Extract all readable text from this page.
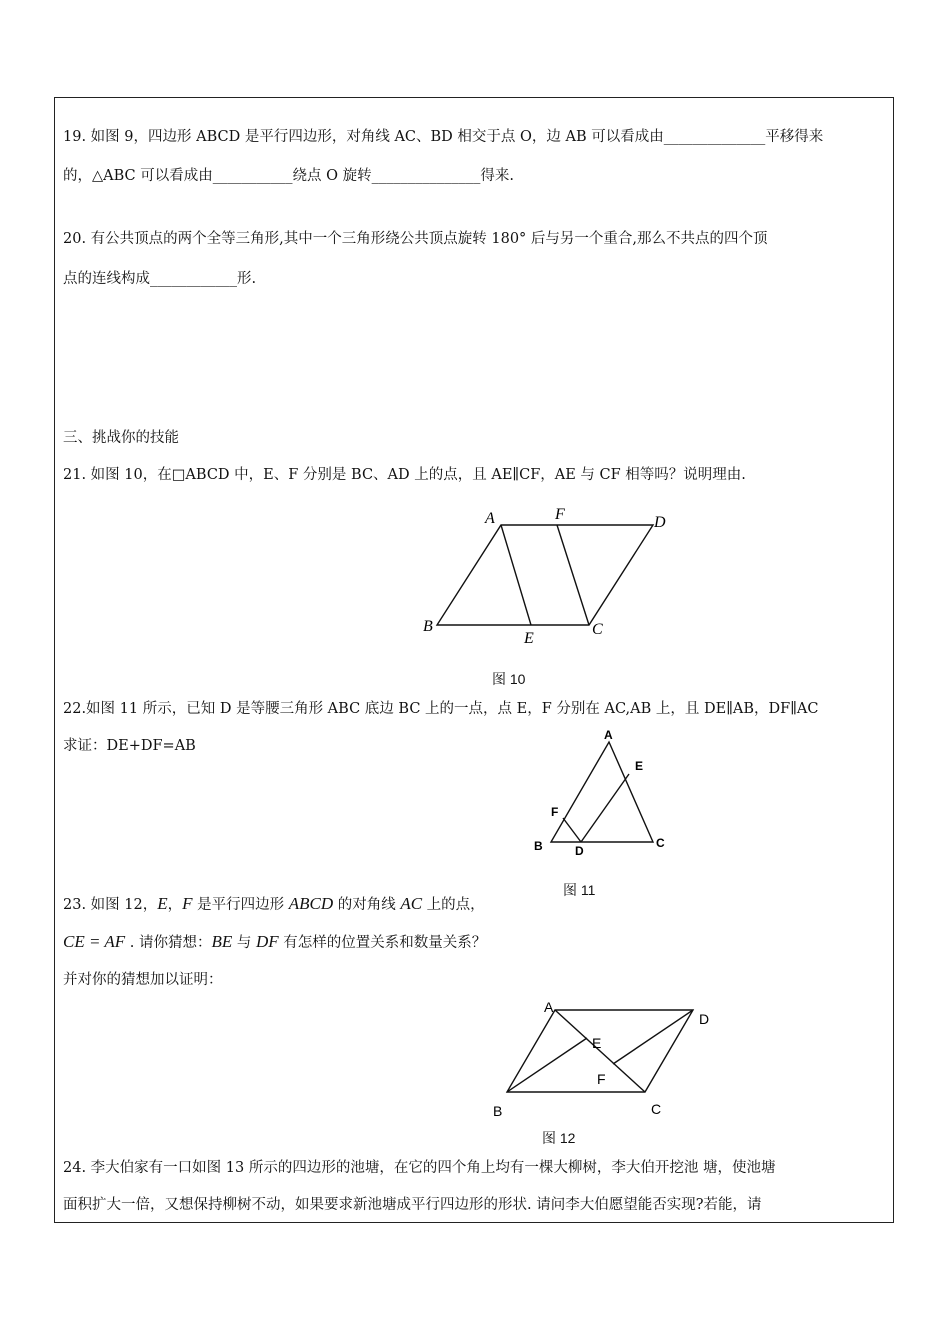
19. 如图 9，四边形 ABCD 是平行四边形，对角线 AC、BD 相交于点 O，边 AB 可以看成由______________平移得来
的，△ABC 可以看成由___________绕点 O 旋转_______________得来.
20. 有公共顶点的两个全等三角形,其中一个三角形绕公共顶点旋转 180° 后与另一个重合,那么不共点的四个顶
点的连线构成____________形.
三、挑战你的技能
21. 如图 10，在□ABCD 中，E、F 分别是 BC、AD 上的点，且 AE∥CF，AE 与 CF 相等吗？说明理由.
A	F	D
B
E
C
图 10
22.如图 11 所示，已知 D 是等腰三角形 ABC 底边 BC 上的一点，点 E，F 分别在 AC,AB 上，且 DE∥AB，DF∥AC
求证：DE+DF=AB
A
E
F
B	D
C
图 11
23. 如图 12，E，F 是平行四边形 ABCD 的对角线 AC 上的点，
CE = AF . 请你猜想：BE 与 DF 有怎样的位置关系和数量关系？
并对你的猜想加以证明：
A
D
E
F
B	C
图 12
24. 李大伯家有一口如图 13 所示的四边形的池塘，在它的四个角上均有一棵大柳树，李大伯开挖池 塘，使池塘
面积扩大一倍，又想保持柳树不动，如果要求新池塘成平行四边形的形状. 请问李大伯愿望能否实现?若能，请
